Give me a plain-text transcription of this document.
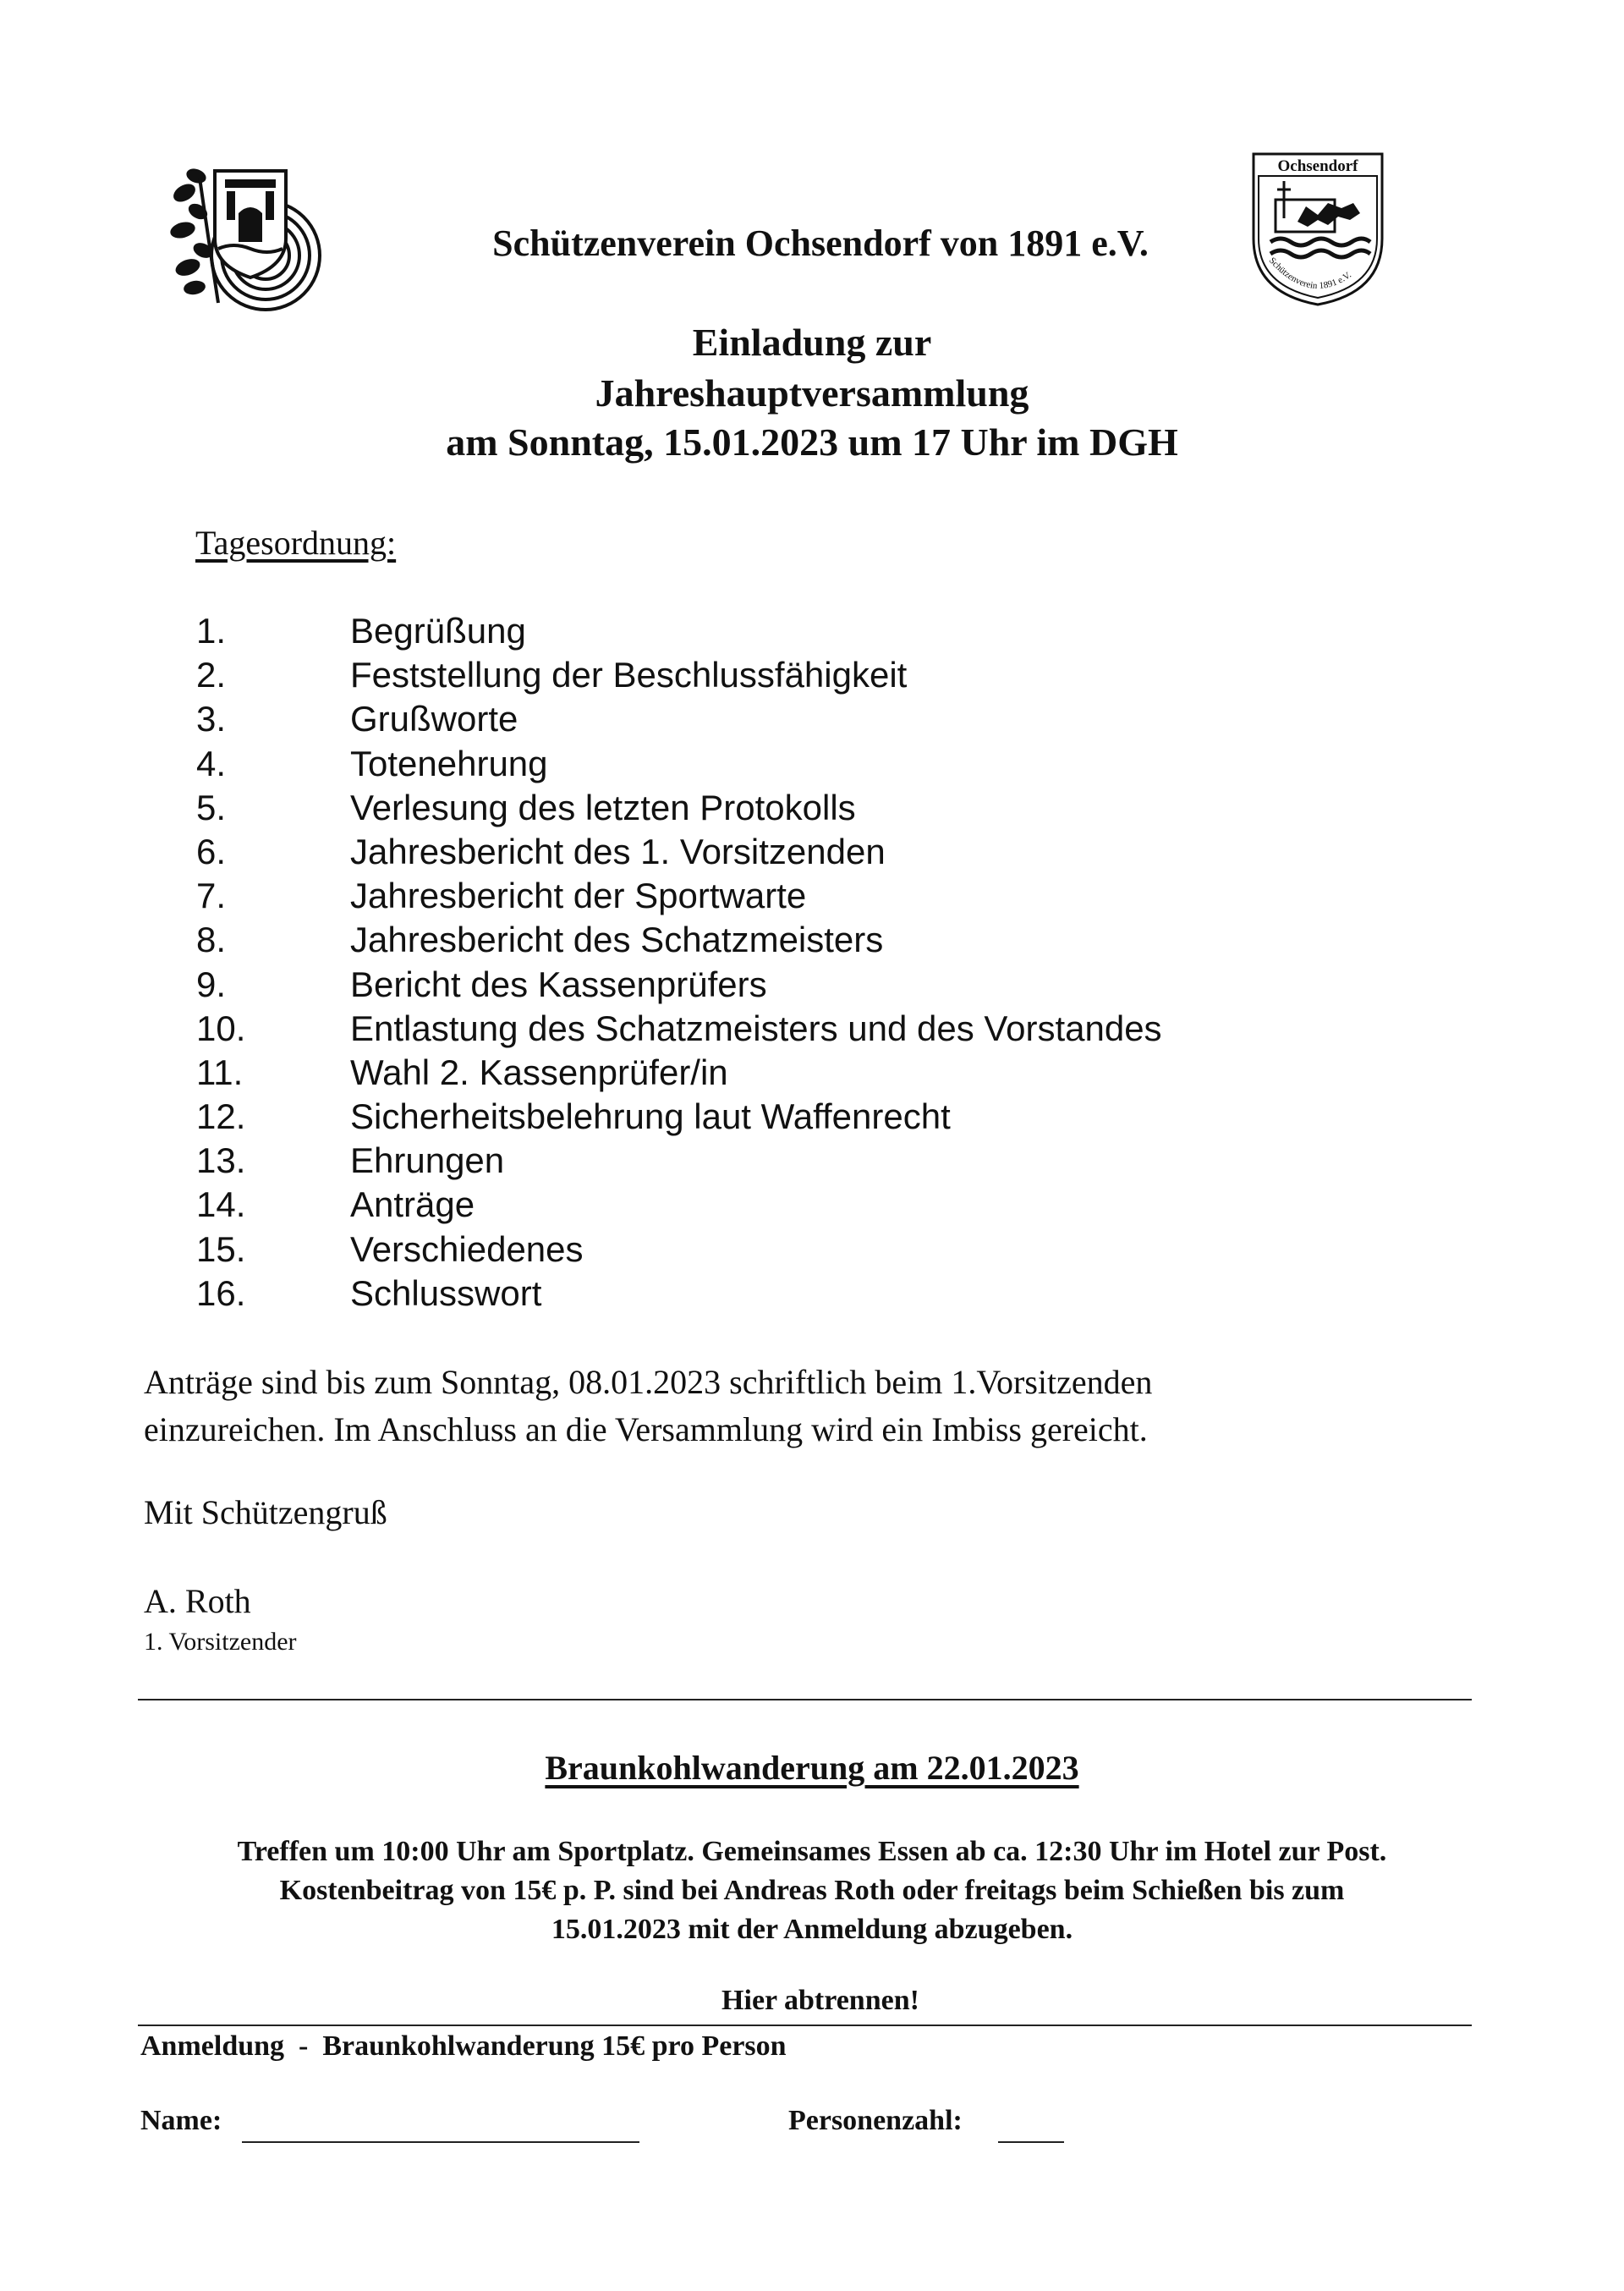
Schützenverein Ochsendorf von 1891 e.V.
Ochsendorf
Schützenverein 1891 e.V.
Einladung zur
Jahreshauptversammlung
am Sonntag, 15.01.2023 um 17 Uhr im DGH
Tagesordnung:
1.	Begrüßung
2.	Feststellung der Beschlussfähigkeit
3.	Grußworte
4.	Totenehrung
5.	Verlesung des letzten Protokolls
6.	Jahresbericht des 1. Vorsitzenden
7.	Jahresbericht der Sportwarte
8.	Jahresbericht des Schatzmeisters
9.	Bericht des Kassenprüfers
10.	Entlastung des Schatzmeisters und des Vorstandes
11.	Wahl 2. Kassenprüfer/in
12.	Sicherheitsbelehrung laut Waffenrecht
13.	Ehrungen
14.	Anträge
15.	Verschiedenes
16.	Schlusswort
Anträge sind bis zum Sonntag, 08.01.2023 schriftlich beim 1.Vorsitzenden
einzureichen. Im Anschluss an die Versammlung wird ein Imbiss gereicht.
Mit Schützengruß
A. Roth
1. Vorsitzender
Braunkohlwanderung am 22.01.2023
Treffen um 10:00 Uhr am Sportplatz. Gemeinsames Essen ab ca. 12:30 Uhr im Hotel zur Post.
Kostenbeitrag von 15€ p. P. sind bei Andreas Roth oder freitags beim Schießen bis zum
15.01.2023 mit der Anmeldung abzugeben.
Hier abtrennen!
Anmeldung  -  Braunkohlwanderung 15€ pro Person
Name:	Personenzahl:
